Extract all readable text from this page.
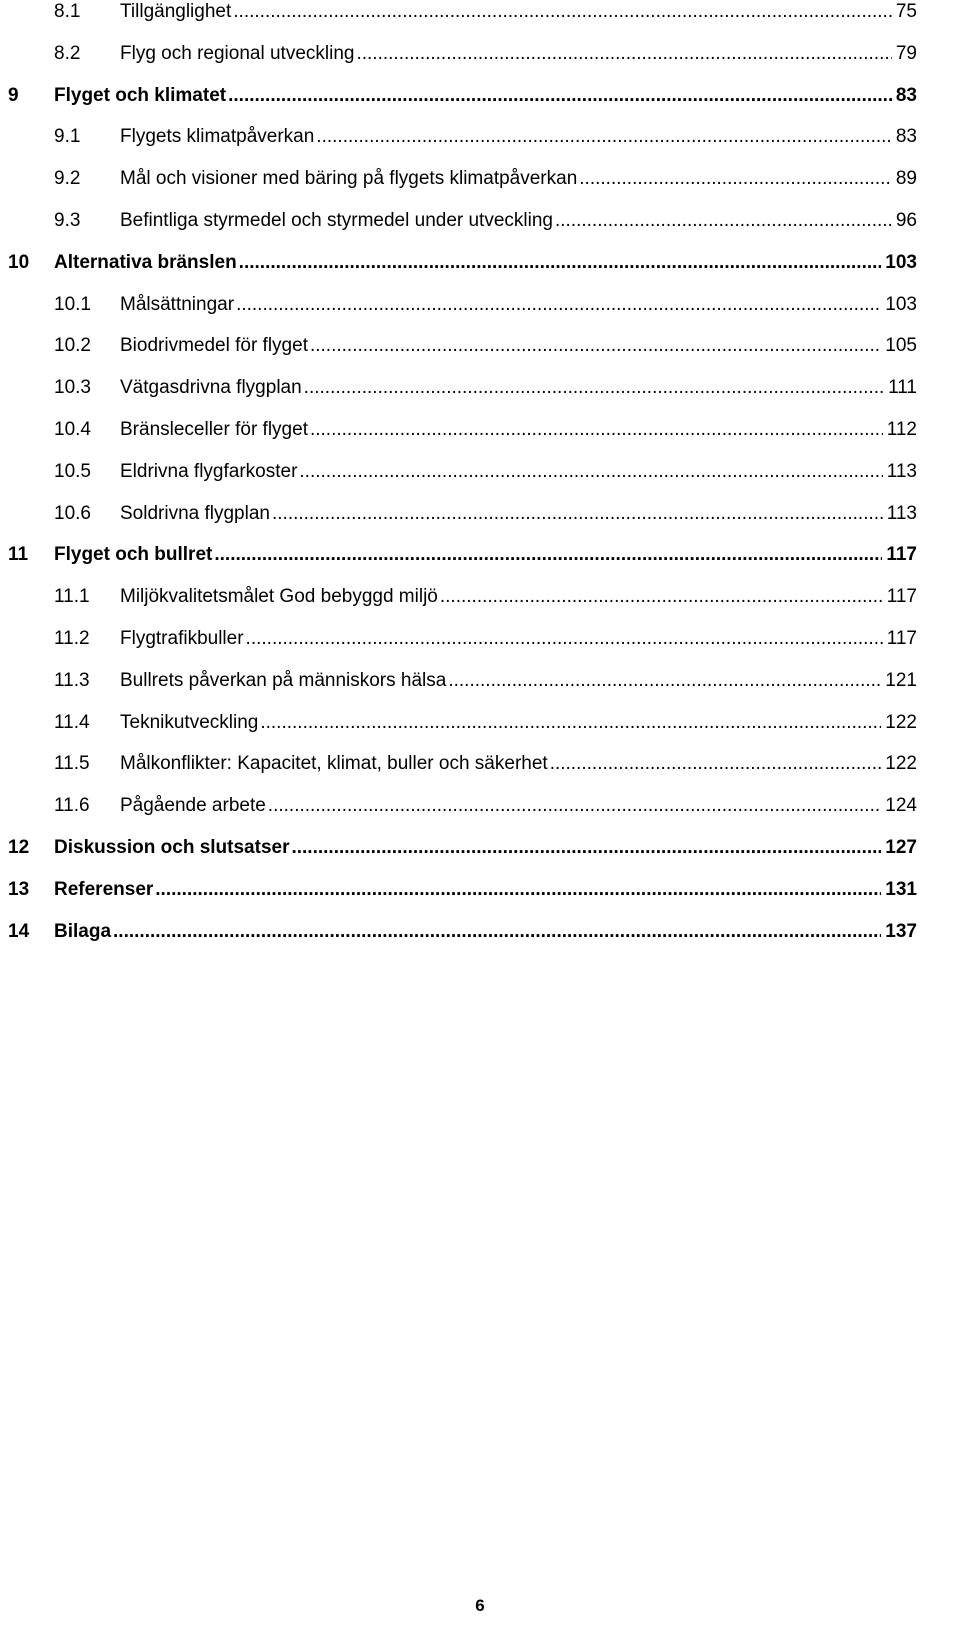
8.1 Tillgänglighet .....	75
8.2 Flyg och regional utveckling .....	79
9 Flyget och klimatet .....	83
9.1 Flygets klimatpåverkan .....	83
9.2 Mål och visioner med bäring på flygets klimatpåverkan .....	89
9.3 Befintliga styrmedel och styrmedel under utveckling .....	96
10 Alternativa bränslen .....	103
10.1 Målsättningar .....	103
10.2 Biodrivmedel för flyget .....	105
10.3 Vätgasdrivna flygplan .....	111
10.4 Bränsleceller för flyget .....	112
10.5 Eldrivna flygfarkoster .....	113
10.6 Soldrivna flygplan .....	113
11 Flyget och bullret .....	117
11.1 Miljökvalitetsmålet God bebyggd miljö .....	117
11.2 Flygtrafikbuller .....	117
11.3 Bullrets påverkan på människors hälsa .....	121
11.4 Teknikutveckling .....	122
11.5 Målkonflikter: Kapacitet, klimat, buller och säkerhet .....	122
11.6 Pågående arbete .....	124
12 Diskussion och slutsatser .....	127
13 Referenser .....	131
14 Bilaga .....	137
6
